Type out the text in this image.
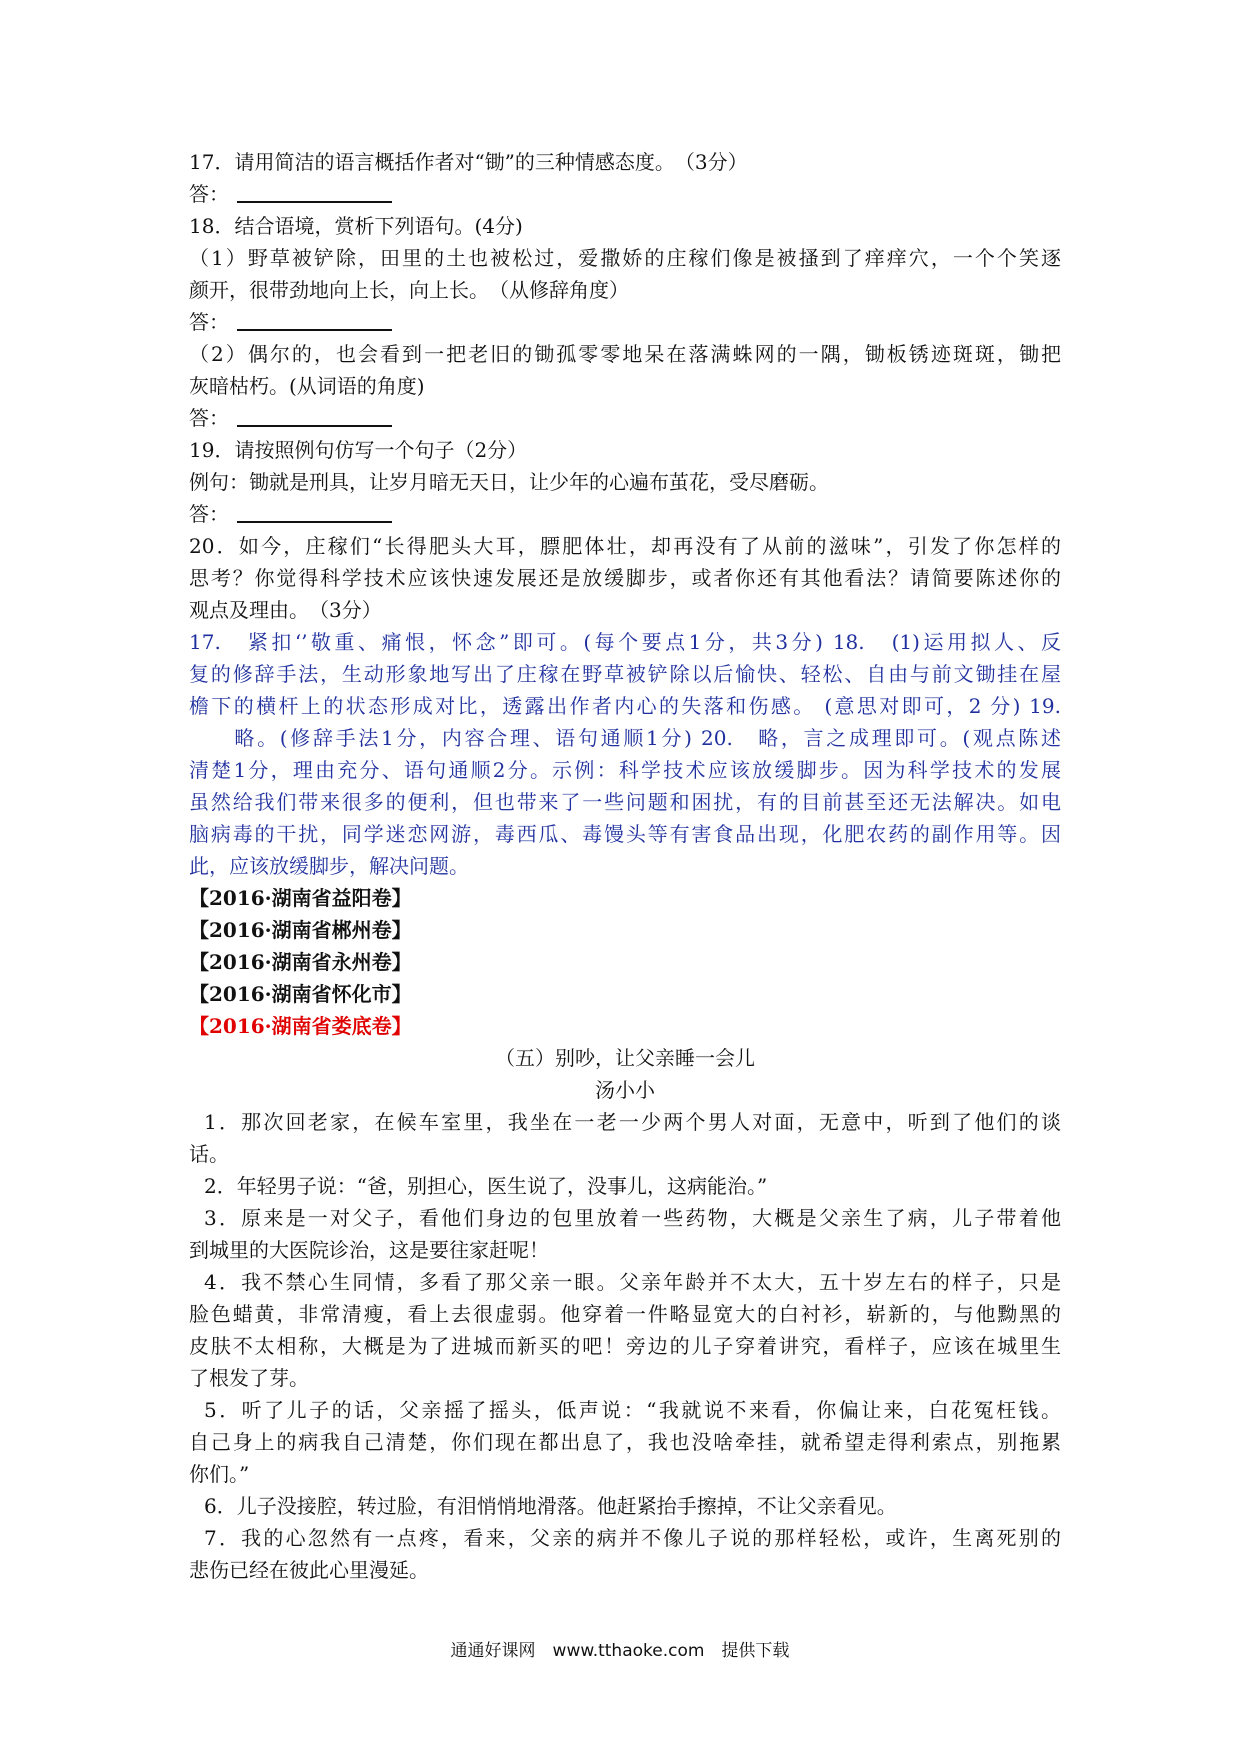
17．请用简洁的语言概括作者对“锄”的三种情感态度。　（3分）
答：
18．结合语境，赏析下列语句。(4分)
（1）野草被铲除，田里的土也被松过，爱撒娇的庄稼们像是被搔到了痒痒穴，一个个笑逐
颜开，很带劲地向上长，向上长。　（从修辞角度）
答：
（2）偶尔的，也会看到一把老旧的锄孤零零地呆在落满蛛网的一隅，锄板锈迹斑斑，锄把
灰暗枯朽。(从词语的角度)
答：
19．请按照例句仿写一个句子（2分）
例句：锄就是刑具，让岁月暗无天日，让少年的心遍布茧花，受尽磨砺。
答：
20．如今，庄稼们“长得肥头大耳，膘肥体壮，却再没有了从前的滋味”，引发了你怎样的
思考？你觉得科学技术应该快速发展还是放缓脚步，或者你还有其他看法？请简要陈述你的
观点及理由。　（3分）
17.　紧扣‘’敬重、痛恨，怀念”即可。(每个要点1分，共3分) 18.　(1)运用拟人、反
复的修辞手法，生动形象地写出了庄稼在野草被铲除以后愉快、轻松、自由与前文锄挂在屋
檐下的横杆上的状态形成对比，透露出作者内心的失落和伤感。 (意思对即可，2 分) 19.
　　略。(修辞手法1分，内容合理、语句通顺1分) 20.　略，言之成理即可。(观点陈述
清楚1分，理由充分、语句通顺2分。示例：科学技术应该放缓脚步。因为科学技术的发展
虽然给我们带来很多的便利，但也带来了一些问题和困扰，有的目前甚至还无法解决。如电
脑病毒的干扰，同学迷恋网游，毒西瓜、毒馒头等有害食品出现，化肥农药的副作用等。因
此，应该放缓脚步，解决问题。
【2016·湖南省益阳卷】
【2016·湖南省郴州卷】
【2016·湖南省永州卷】
【2016·湖南省怀化市】
【2016·湖南省娄底卷】
（五）别吵，让父亲睡一会儿
汤小小
1．那次回老家，在候车室里，我坐在一老一少两个男人对面，无意中，听到了他们的谈
话。
2．年轻男子说：“爸，别担心，医生说了，没事儿，这病能治。”
3．原来是一对父子，看他们身边的包里放着一些药物，大概是父亲生了病，儿子带着他
到城里的大医院诊治，这是要往家赶呢！
4．我不禁心生同情，多看了那父亲一眼。父亲年龄并不太大，五十岁左右的样子，只是
脸色蜡黄，非常清瘦，看上去很虚弱。他穿着一件略显宽大的白衬衫，崭新的，与他黝黑的
皮肤不太相称，大概是为了进城而新买的吧！旁边的儿子穿着讲究，看样子，应该在城里生
了根发了芽。
5．听了儿子的话，父亲摇了摇头，低声说：“我就说不来看，你偏让来，白花冤枉钱。
自己身上的病我自己清楚，你们现在都出息了，我也没啥牵挂，就希望走得利索点，别拖累
你们。”
6．儿子没接腔，转过脸，有泪悄悄地滑落。他赶紧抬手擦掉，不让父亲看见。
7．我的心忽然有一点疼，看来，父亲的病并不像儿子说的那样轻松，或许，生离死别的
悲伤已经在彼此心里漫延。
通通好课网　www.tthaoke.com　提供下载
